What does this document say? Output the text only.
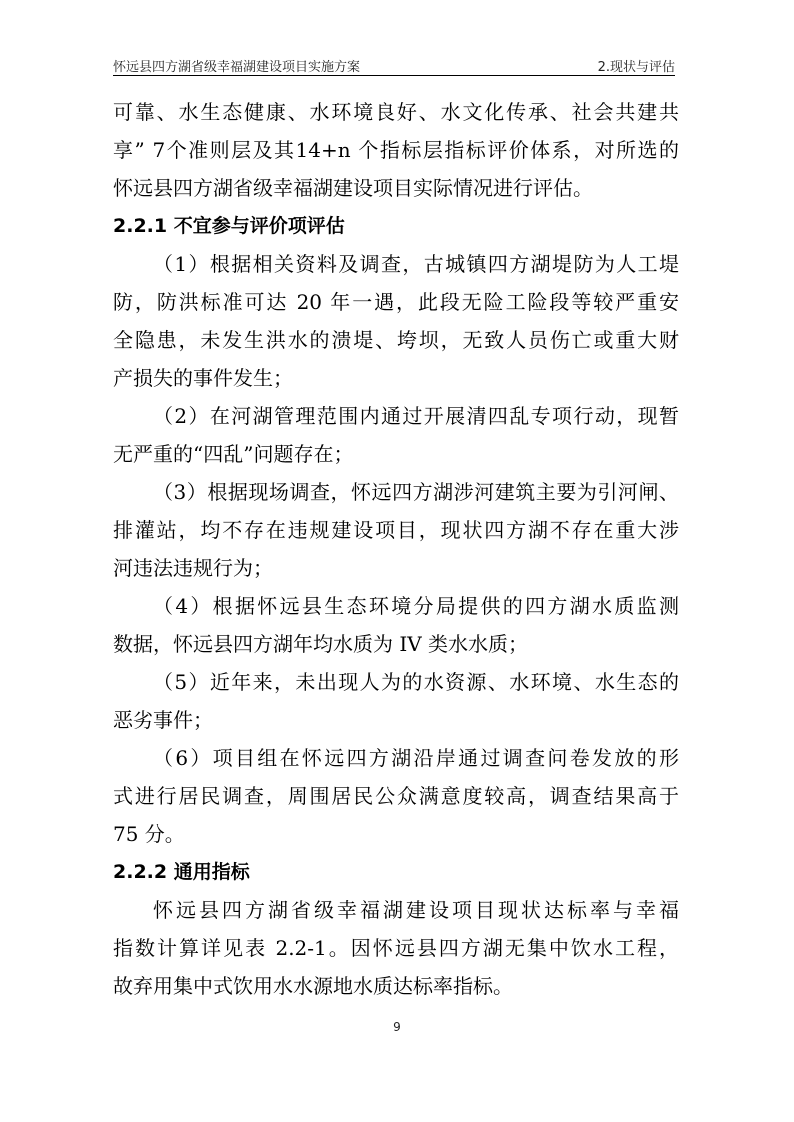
怀远县四方湖省级幸福湖建设项目实施方案	2.现状与评估
可靠、水生态健康、水环境良好、水文化传承、社会共建共
享” 7个准则层及其14+n 个指标层指标评价体系，对所选的
怀远县四方湖省级幸福湖建设项目实际情况进行评估。
2.2.1 不宜参与评价项评估
（1）根据相关资料及调查，古城镇四方湖堤防为人工堤
防，防洪标准可达 20 年一遇，此段无险工险段等较严重安
全隐患，未发生洪水的溃堤、垮坝，无致人员伤亡或重大财
产损失的事件发生；
（2）在河湖管理范围内通过开展清四乱专项行动，现暂
无严重的“四乱”问题存在；
（3）根据现场调查，怀远四方湖涉河建筑主要为引河闸、
排灌站，均不存在违规建设项目，现状四方湖不存在重大涉
河违法违规行为；
（4）根据怀远县生态环境分局提供的四方湖水质监测
数据，怀远县四方湖年均水质为 IV 类水水质；
（5）近年来，未出现人为的水资源、水环境、水生态的
恶劣事件；
（6）项目组在怀远四方湖沿岸通过调查问卷发放的形
式进行居民调查，周围居民公众满意度较高，调查结果高于
75 分。
2.2.2 通用指标
怀远县四方湖省级幸福湖建设项目现状达标率与幸福
指数计算详见表 2.2-1。因怀远县四方湖无集中饮水工程，
故弃用集中式饮用水水源地水质达标率指标。
9
